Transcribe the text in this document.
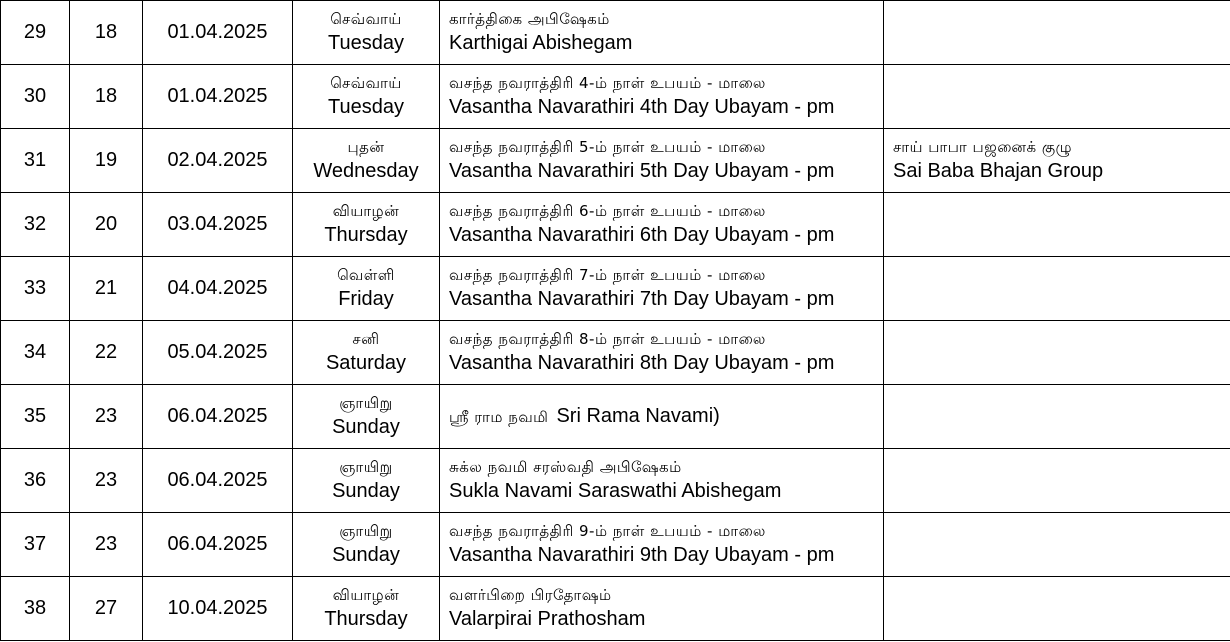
29	18	01.04.2025	செவ்வாய்
Tuesday	கார்த்திகை அபிஷேகம்
Karthigai Abishegam	

30	18	01.04.2025	செவ்வாய்
Tuesday	வசந்த நவராத்திரி 4-ம் நாள் உபயம் - மாலை
Vasantha Navarathiri 4th Day Ubayam - pm	

31	19	02.04.2025	புதன்
Wednesday	வசந்த நவராத்திரி 5-ம் நாள் உபயம் - மாலை
Vasantha Navarathiri 5th Day Ubayam - pm	சாய் பாபா பஜனைக் குழு
Sai Baba Bhajan Group

32	20	03.04.2025	வியாழன்
Thursday	வசந்த நவராத்திரி 6-ம் நாள் உபயம் - மாலை
Vasantha Navarathiri 6th Day Ubayam - pm	

33	21	04.04.2025	வெள்ளி
Friday	வசந்த நவராத்திரி 7-ம் நாள் உபயம் - மாலை
Vasantha Navarathiri 7th Day Ubayam - pm	

34	22	05.04.2025	சனி
Saturday	வசந்த நவராத்திரி 8-ம் நாள் உபயம் - மாலை
Vasantha Navarathiri 8th Day Ubayam - pm	

35	23	06.04.2025	ஞாயிறு
Sunday	ஸ்ரீ ராம நவமி Sri Rama Navami)	

36	23	06.04.2025	ஞாயிறு
Sunday	சுக்ல நவமி சரஸ்வதி அபிஷேகம்
Sukla Navami Saraswathi Abishegam	

37	23	06.04.2025	ஞாயிறு
Sunday	வசந்த நவராத்திரி 9-ம் நாள் உபயம் - மாலை
Vasantha Navarathiri 9th Day Ubayam - pm	

38	27	10.04.2025	வியாழன்
Thursday	வளர்பிறை பிரதோஷம்
Valarpirai Prathosham	
